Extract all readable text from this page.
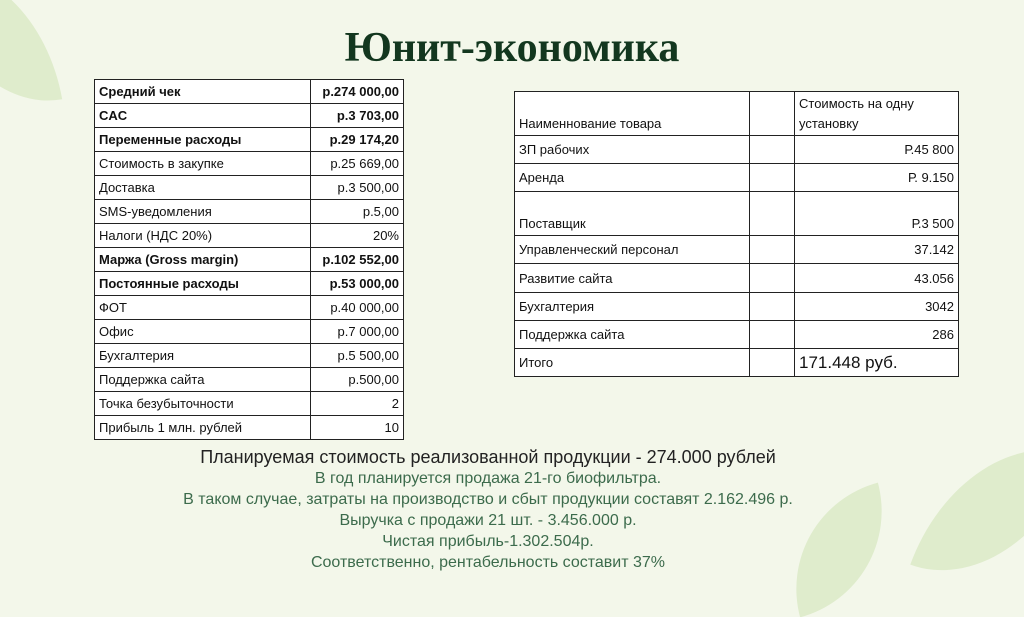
Юнит-экономика
Средний чек	р.274 000,00
CAC	р.3 703,00
Переменные расходы	р.29 174,20
Стоимость в закупке	р.25 669,00
Доставка	р.3 500,00
SMS-уведомления	р.5,00
Налоги (НДС 20%)	20%
Маржа (Gross margin)	р.102 552,00
Постоянные расходы	р.53 000,00
ФОТ	р.40 000,00
Офис	р.7 000,00
Бухгалтерия	р.5 500,00
Поддержка сайта	р.500,00
Точка безубыточности	2
Прибыль 1 млн. рублей	10
Наименнование товара		Стоимость на одну установку
ЗП рабочих		Р.45 800
Аренда		Р. 9.150
Поставщик		Р.3 500
Управленческий персонал		37.142
Развитие сайта		43.056
Бухгалтерия		3042
Поддержка сайта		286
Итого		171.448 руб.
Планируемая стоимость реализованной продукции - 274.000 рублей
В год планируется продажа 21-го биофильтра.
В таком случае, затраты на производство и сбыт продукции составят 2.162.496 р.
Выручка с продажи 21 шт. - 3.456.000 р.
Чистая прибыль-1.302.504р.
Соответственно, рентабельность составит 37%
